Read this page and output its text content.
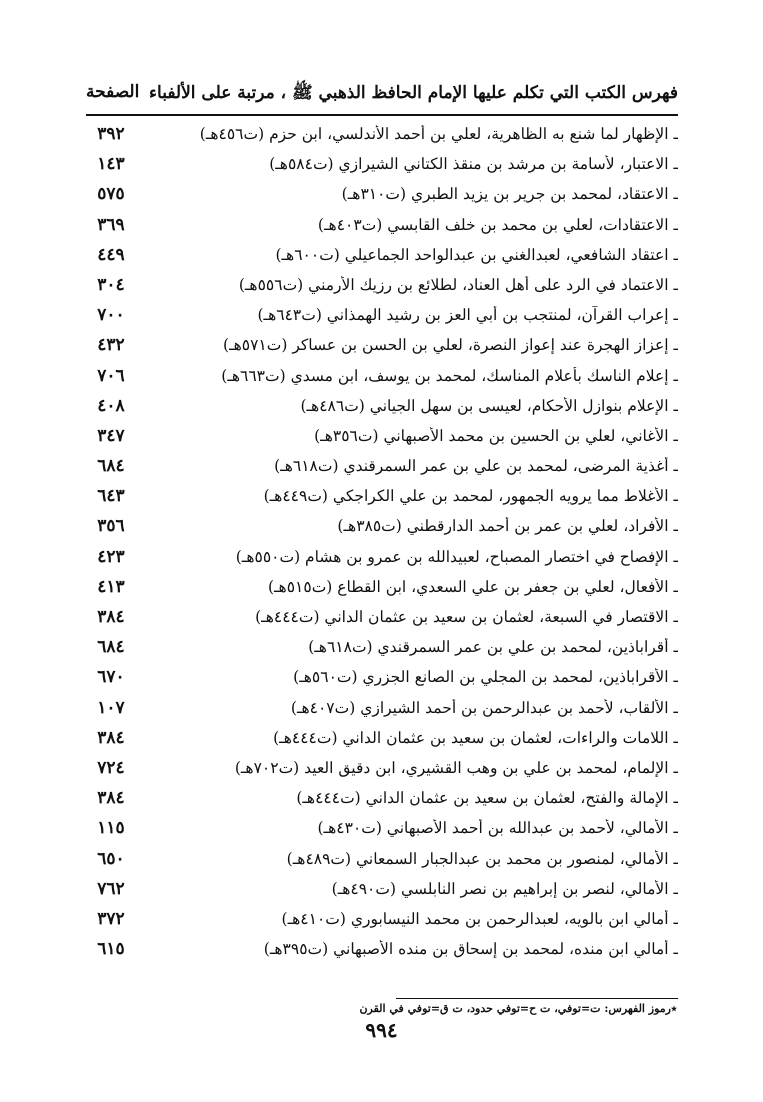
فهرس الكتب التي تكلم عليها الإمام الحافظ الذهبي ﷺ ، مرتبة على الألفباء
الصفحة
ـ الإظهار لما شنع به الظاهرية، لعلي بن أحمد الأندلسي، ابن حزم (ت٤٥٦هـ)
٣٩٢
ـ الاعتبار، لأسامة بن مرشد بن منقذ الكتاني الشيرازي (ت٥٨٤هـ)
١٤٣
ـ الاعتقاد، لمحمد بن جرير بن يزيد الطبري (ت٣١٠هـ)
٥٧٥
ـ الاعتقادات، لعلي بن محمد بن خلف القابسي (ت٤٠٣هـ)
٣٦٩
ـ اعتقاد الشافعي، لعبدالغني بن عبدالواحد الجماعيلي (ت٦٠٠هـ)
٤٤٩
ـ الاعتماد في الرد على أهل العناد، لطلائع بن رزيك الأرمني (ت٥٥٦هـ)
٣٠٤
ـ إعراب القرآن، لمنتجب بن أبي العز بن رشيد الهمذاني (ت٦٤٣هـ)
٧٠٠
ـ إعزاز الهجرة عند إعواز النصرة، لعلي بن الحسن بن عساكر (ت٥٧١هـ)
٤٣٢
ـ إعلام الناسك بأعلام المناسك، لمحمد بن يوسف، ابن مسدي (ت٦٦٣هـ)
٧٠٦
ـ الإعلام بنوازل الأحكام، لعيسى بن سهل الجياني (ت٤٨٦هـ)
٤٠٨
ـ الأغاني، لعلي بن الحسين بن محمد الأصبهاني (ت٣٥٦هـ)
٣٤٧
ـ أغذية المرضى، لمحمد بن علي بن عمر السمرقندي (ت٦١٨هـ)
٦٨٤
ـ الأغلاط مما يرويه الجمهور، لمحمد بن علي الكراجكي (ت٤٤٩هـ)
٦٤٣
ـ الأفراد، لعلي بن عمر بن أحمد الدارقطني (ت٣٨٥هـ)
٣٥٦
ـ الإفصاح في اختصار المصباح، لعبيدالله بن عمرو بن هشام (ت٥٥٠هـ)
٤٢٣
ـ الأفعال، لعلي بن جعفر بن علي السعدي، ابن القطاع (ت٥١٥هـ)
٤١٣
ـ الاقتصار في السبعة، لعثمان بن سعيد بن عثمان الداني (ت٤٤٤هـ)
٣٨٤
ـ أقراباذين، لمحمد بن علي بن عمر السمرقندي (ت٦١٨هـ)
٦٨٤
ـ الأقراباذين، لمحمد بن المجلي بن الصانع الجزري (ت٥٦٠هـ)
٦٧٠
ـ الألقاب، لأحمد بن عبدالرحمن بن أحمد الشيرازي (ت٤٠٧هـ)
١٠٧
ـ اللامات والراءات، لعثمان بن سعيد بن عثمان الداني (ت٤٤٤هـ)
٣٨٤
ـ الإلمام، لمحمد بن علي بن وهب القشيري، ابن دقيق العيد (ت٧٠٢هـ)
٧٢٤
ـ الإمالة والفتح، لعثمان بن سعيد بن عثمان الداني (ت٤٤٤هـ)
٣٨٤
ـ الأمالي، لأحمد بن عبدالله بن أحمد الأصبهاني (ت٤٣٠هـ)
١١٥
ـ الأمالي، لمنصور بن محمد بن عبدالجبار السمعاني (ت٤٨٩هـ)
٦٥٠
ـ الأمالي، لنصر بن إبراهيم بن نصر النابلسي (ت٤٩٠هـ)
٧٦٢
ـ أمالي ابن بالويه، لعبدالرحمن بن محمد النيسابوري (ت٤١٠هـ)
٣٧٢
ـ أمالي ابن منده، لمحمد بن إسحاق بن منده الأصبهاني (ت٣٩٥هـ)
٦١٥
٭رموز الفهرس: ت=توفي، ت ح=توفي حدود، ت ق=توفي في القرن
٩٩٤
